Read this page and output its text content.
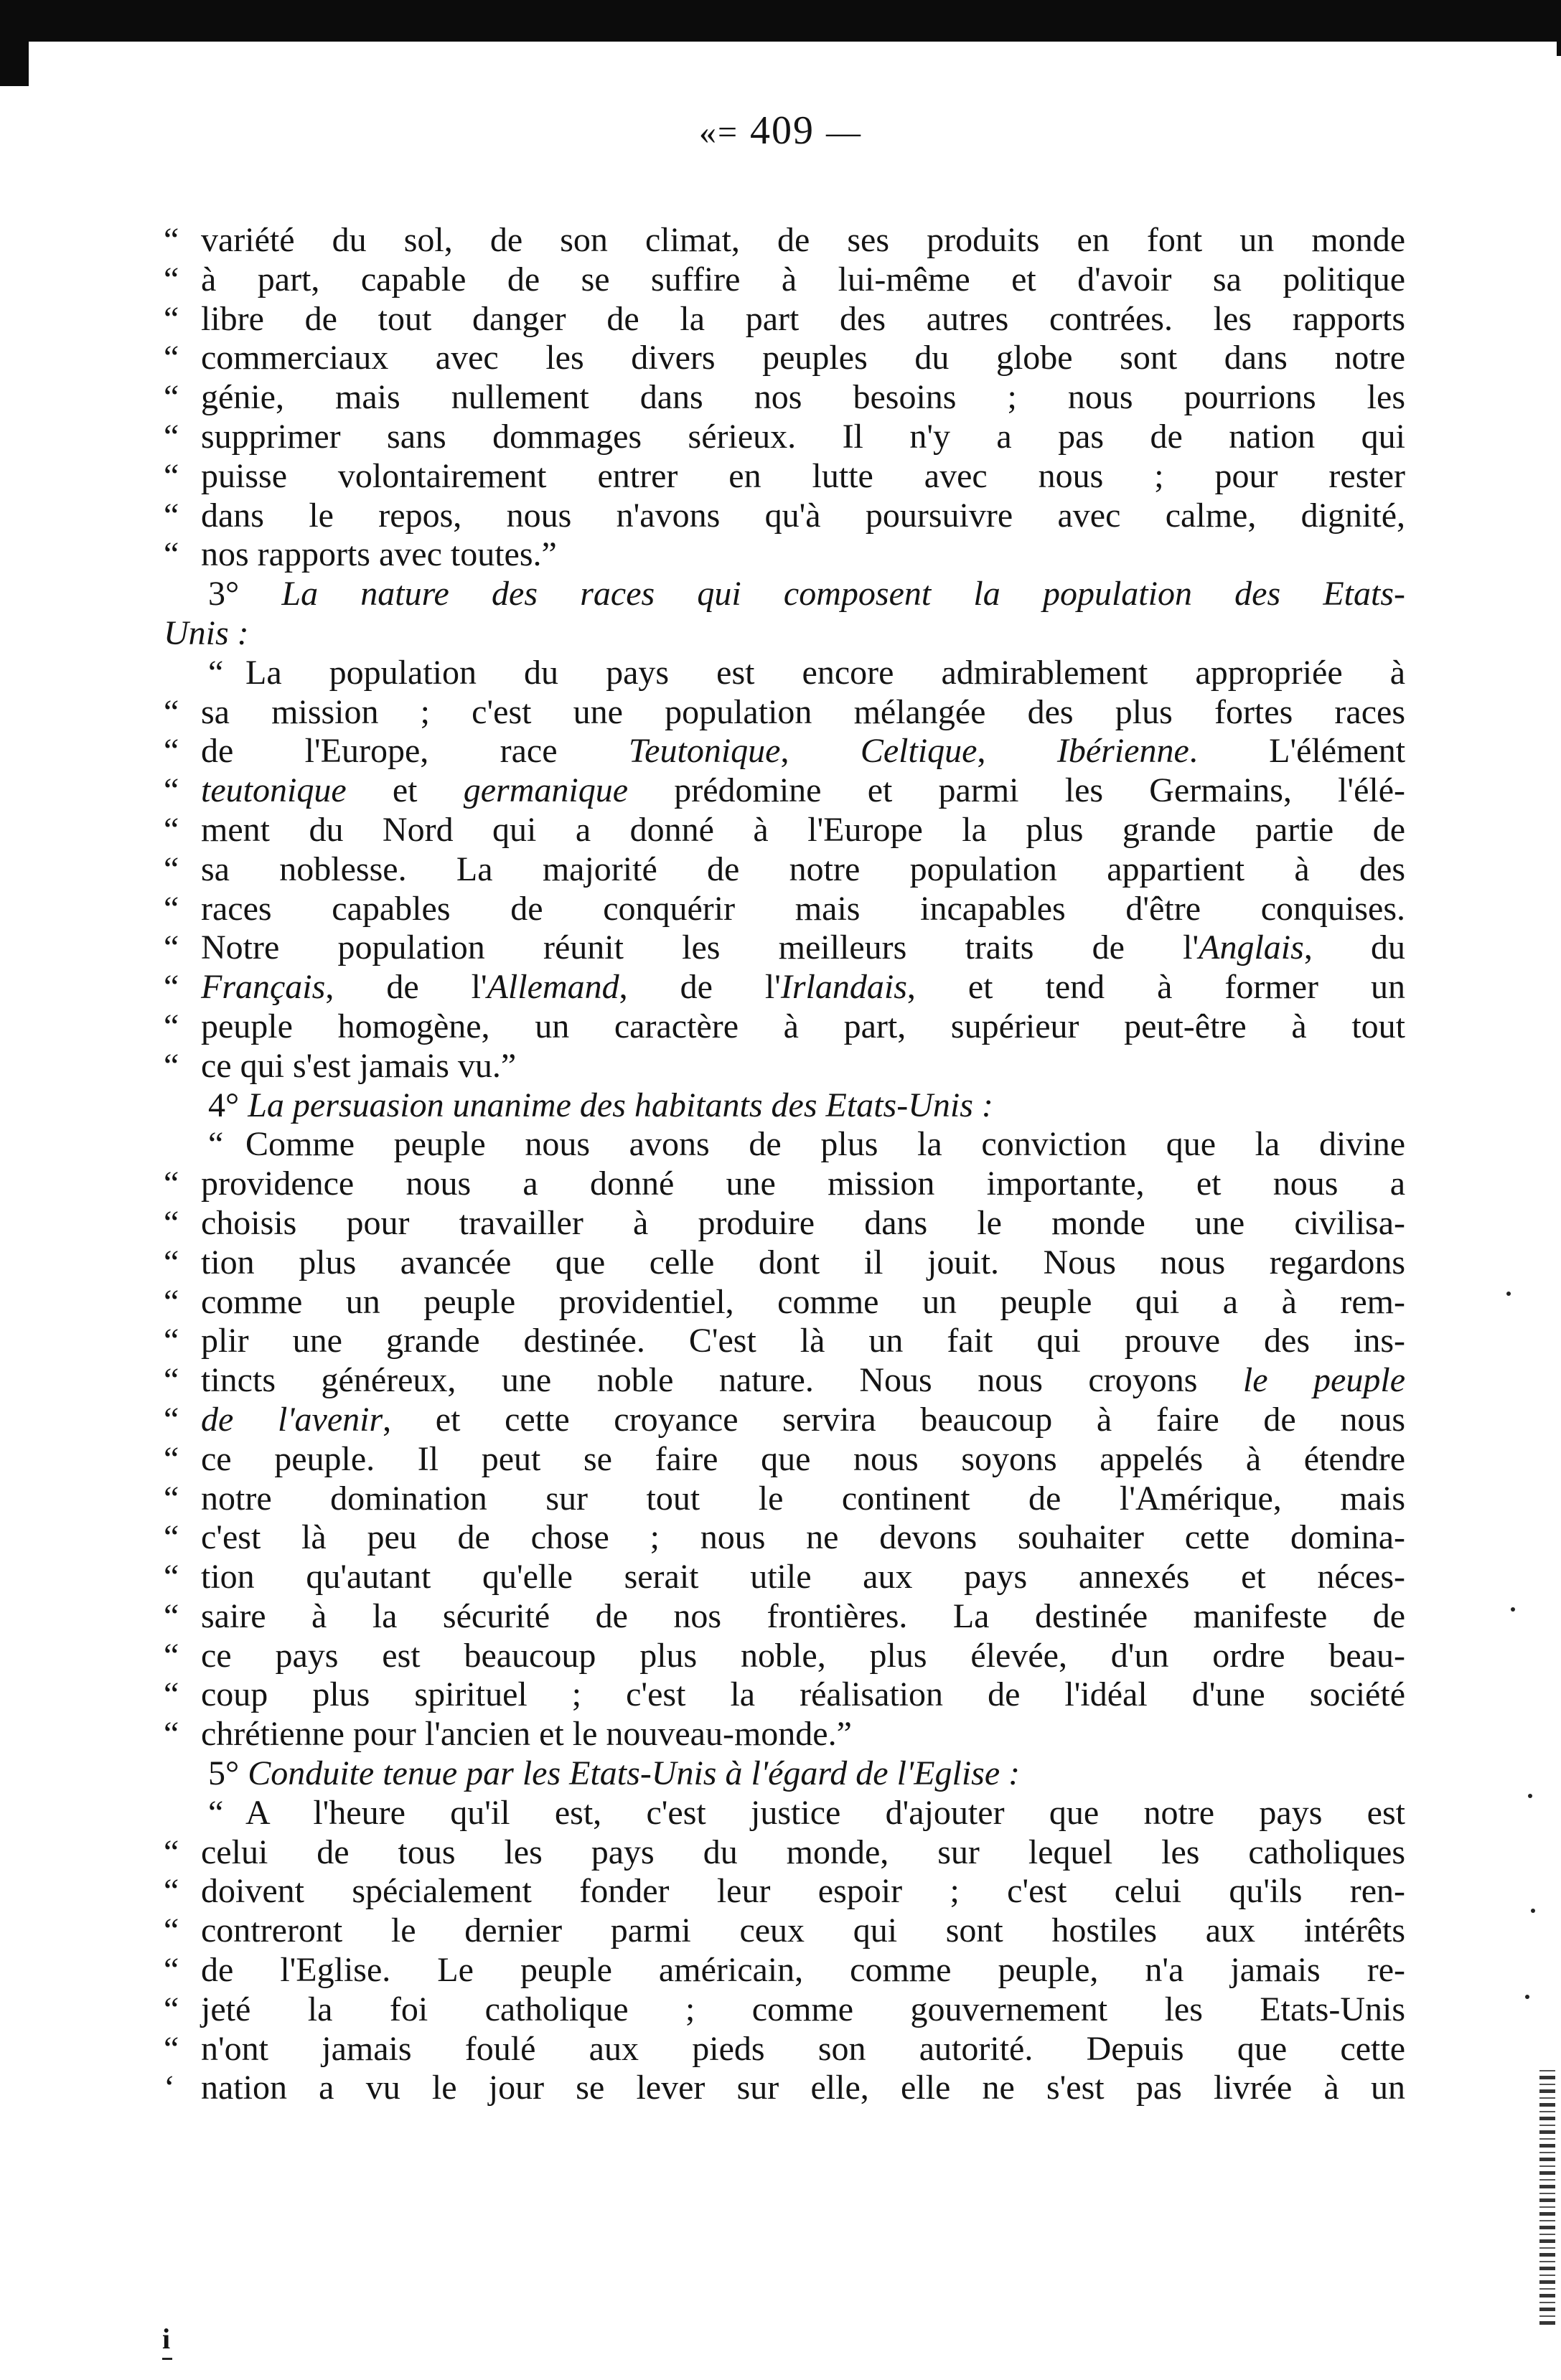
«= 409 —
“ variété du sol, de son climat, de ses produits en font un monde
“ à part, capable de se suffire à lui-même et d'avoir sa politique
“ libre de tout danger de la part des autres contrées. les rapports
“ commerciaux avec les divers peuples du globe sont dans notre
“ génie, mais nullement dans nos besoins ; nous pourrions les
“ supprimer sans dommages sérieux. Il n'y a pas de nation qui
“ puisse volontairement entrer en lutte avec nous ; pour rester
“ dans le repos, nous n'avons qu'à poursuivre avec calme, dignité,
“ nos rapports avec toutes.”
3° La nature des races qui composent la population des Etats-
Unis :
“ La population du pays est encore admirablement appropriée à
“ sa mission ; c'est une population mélangée des plus fortes races
“ de l'Europe, race Teutonique, Celtique, Ibérienne. L'élément
“ teutonique et germanique prédomine et parmi les Germains, l'élé-
“ ment du Nord qui a donné à l'Europe la plus grande partie de
“ sa noblesse. La majorité de notre population appartient à des
“ races capables de conquérir mais incapables d'être conquises.
“ Notre population réunit les meilleurs traits de l'Anglais, du
“ Français, de l'Allemand, de l'Irlandais, et tend à former un
“ peuple homogène, un caractère à part, supérieur peut-être à tout
“ ce qui s'est jamais vu.”
4° La persuasion unanime des habitants des Etats-Unis :
“ Comme peuple nous avons de plus la conviction que la divine
“ providence nous a donné une mission importante, et nous a
“ choisis pour travailler à produire dans le monde une civilisa-
“ tion plus avancée que celle dont il jouit. Nous nous regardons
“ comme un peuple providentiel, comme un peuple qui a à rem-
“ plir une grande destinée. C'est là un fait qui prouve des ins-
“ tincts généreux, une noble nature. Nous nous croyons le peuple
“ de l'avenir, et cette croyance servira beaucoup à faire de nous
“ ce peuple. Il peut se faire que nous soyons appelés à étendre
“ notre domination sur tout le continent de l'Amérique, mais
“ c'est là peu de chose ; nous ne devons souhaiter cette domina-
“ tion qu'autant qu'elle serait utile aux pays annexés et néces-
“ saire à la sécurité de nos frontières. La destinée manifeste de
“ ce pays est beaucoup plus noble, plus élevée, d'un ordre beau-
“ coup plus spirituel ; c'est la réalisation de l'idéal d'une société
“ chrétienne pour l'ancien et le nouveau-monde.”
5° Conduite tenue par les Etats-Unis à l'égard de l'Eglise :
“ A l'heure qu'il est, c'est justice d'ajouter que notre pays est
“ celui de tous les pays du monde, sur lequel les catholiques
“ doivent spécialement fonder leur espoir ; c'est celui qu'ils ren-
“ contreront le dernier parmi ceux qui sont hostiles aux intérêts
“ de l'Eglise. Le peuple américain, comme peuple, n'a jamais re-
“ jeté la foi catholique ; comme gouvernement les Etats-Unis
“ n'ont jamais foulé aux pieds son autorité. Depuis que cette
‘ nation a vu le jour se lever sur elle, elle ne s'est pas livrée à un
i
